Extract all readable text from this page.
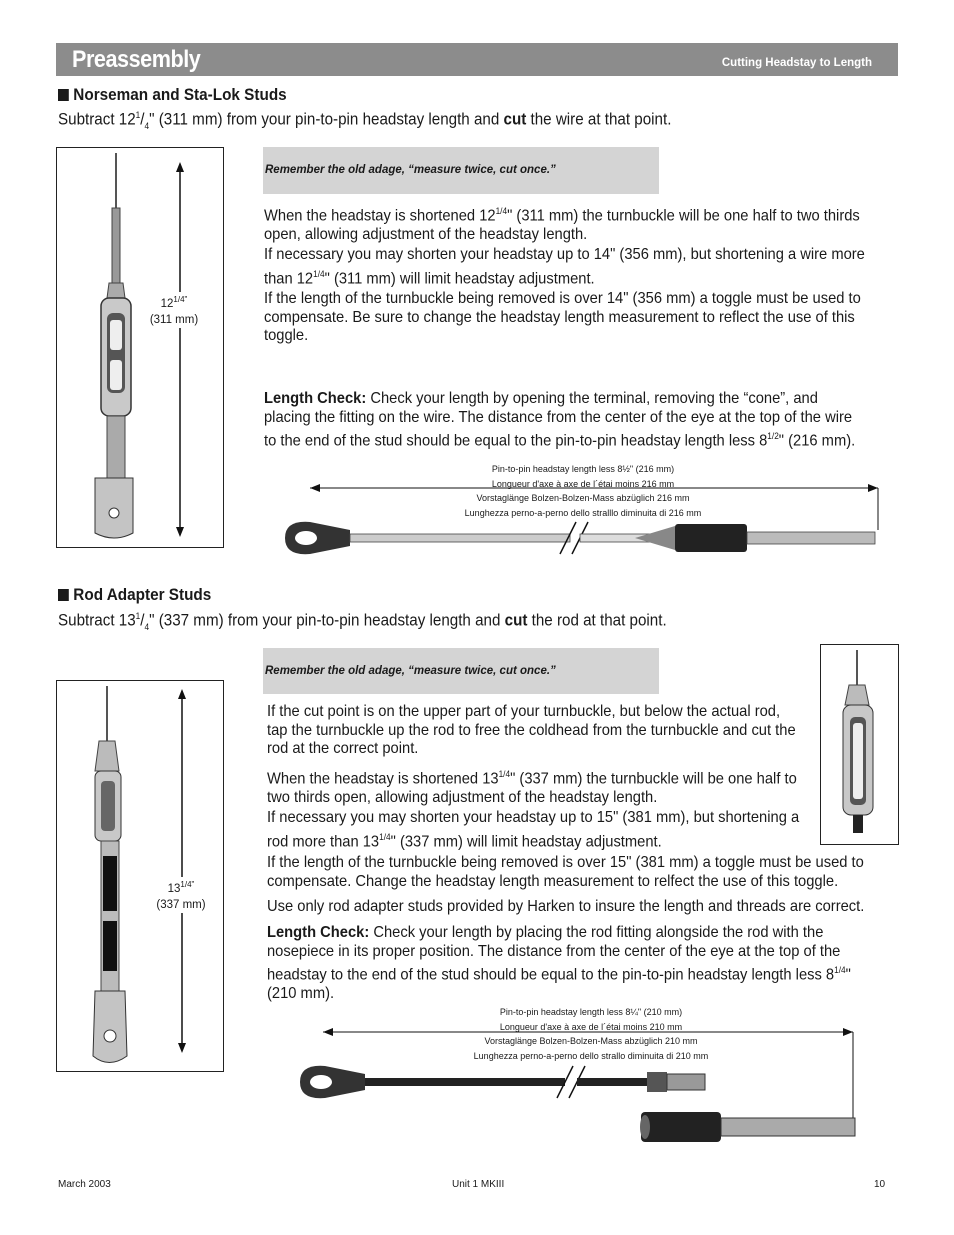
Preassembly	Cutting Headstay to Length
Norseman and Sta-Lok Studs
Subtract $12^1/_4$" (311 mm) from your pin-to-pin headstay length and cut the wire at that point.
$12^{1/4"}$
(311 mm)
Remember the old adage, “measure twice, cut once.”
When the headstay is shortened $12^{1/4}$" (311 mm) the turnbuckle will be one half to two thirds open, allowing adjustment of the headstay length.
If necessary you may shorten your headstay up to 14" (356 mm), but shortening a wire more than $12^{1/4}$" (311 mm) will limit headstay adjustment.
If the length of the turnbuckle being removed is over 14" (356 mm) a toggle must be used to compensate. Be sure to change the headstay length measurement to reflect the use of this toggle.
Length Check: Check your length by opening the terminal, removing the “cone”, and placing the fitting on the wire. The distance from the center of the eye at the top of the wire to the end of the stud should be equal to the pin-to-pin headstay length less $8^{1/2}$" (216 mm).
Pin-to-pin headstay length less 8½" (216 mm)
Longueur d'axe à axe de l´étai moins 216 mm
Vorstaglänge Bolzen-Bolzen-Mass abzüglich 216 mm
Lunghezza perno-a-perno dello stralllo diminuita di 216 mm
Rod Adapter Studs
Subtract $13^1/_4$" (337 mm) from your pin-to-pin headstay length and cut the rod at that point.
Remember the old adage, “measure twice, cut once.”
$13^{1/4"}$
(337 mm)
If the cut point is on the upper part of your turnbuckle, but below the actual rod, tap the turnbuckle up the rod to free the coldhead from the turnbuckle and cut the rod at the correct point.
When the headstay is shortened $13^{1/4}$" (337 mm) the turnbuckle will be one half to two thirds open, allowing adjustment of the headstay length.
If necessary you may shorten your headstay up to 15" (381 mm), but shortening a rod more than $13^{1/4}$" (337 mm) will limit headstay adjustment.
If the length of the turnbuckle being removed is over 15" (381 mm) a toggle must be used to compensate. Change the headstay length measurement to relfect the use of this toggle.
Use only rod adapter studs provided by Harken to insure the length and threads are correct.
Length Check: Check your length by placing the rod fitting alongside the rod with the nosepiece in its proper position. The distance from the center of the eye at the top of the headstay to the end of the stud should be equal to the pin-to-pin headstay length less $8^{1/4}$" (210 mm).
Pin-to-pin headstay length less 8¼" (210 mm)
Longueur d'axe à axe de l´étai moins 210 mm
Vorstaglänge Bolzen-Bolzen-Mass abzüglich 210 mm
Lunghezza perno-a-perno dello strallo diminuita di 210 mm
March 2003	Unit 1 MKIII	10
